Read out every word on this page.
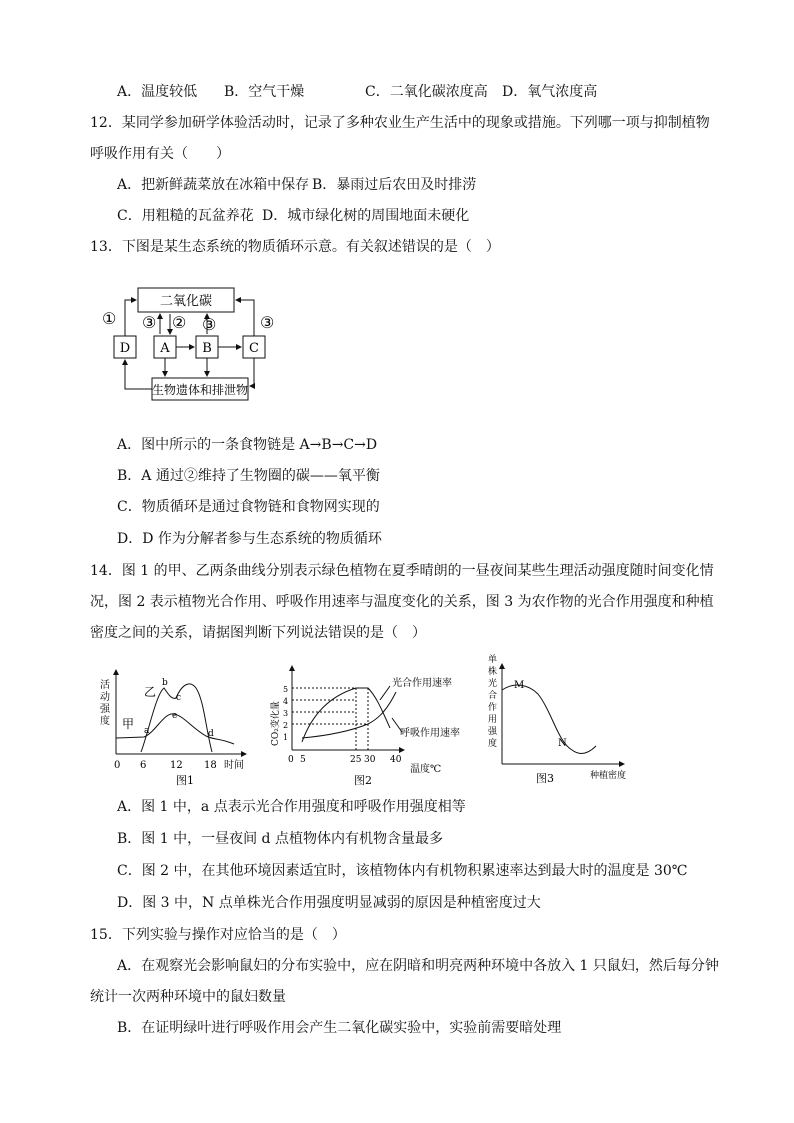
A．温度较低 B．空气干燥	C．二氧化碳浓度高 D．氧气浓度高
12．某同学参加研学体验活动时，记录了多种农业生产生活中的现象或措施。下列哪一项与抑制植物
呼吸作用有关（　　）
A．把新鲜蔬菜放在冰箱中保存 B．暴雨过后农田及时排涝
C．用粗糙的瓦盆养花 D．城市绿化树的周围地面未硬化
13．下图是某生态系统的物质循环示意。有关叙述错误的是（　）
二氧化碳
D A	B	C
生物遗体和排泄物
① ③ ② ③	③
A．图中所示的一条食物链是 A→B→C→D
B．A 通过②维持了生物圈的碳——氧平衡
C．物质循环是通过食物链和食物网实现的
D．D 作为分解者参与生态系统的物质循环
14．图 1 的甲、乙两条曲线分别表示绿色植物在夏季晴朗的一昼夜间某些生理活动强度随时间变化情
况，图 2 表示植物光合作用、呼吸作用速率与温度变化的关系，图 3 为农作物的光合作用强度和种植
密度之间的关系，请据图判断下列说法错误的是（　）
活
动
强
度 甲
乙
a
b
c
e
d
0 6 12 18 时间
图1
CO₂变化量
光合作用速率
呼吸作用速率
1
2
3
4
5
0 5	25 30 40
温度℃
图2
单
株
光
合
作
用
强
度
M
N
种植密度
图3
A．图 1 中，a 点表示光合作用强度和呼吸作用强度相等
B．图 1 中，一昼夜间 d 点植物体内有机物含量最多
C．图 2 中，在其他环境因素适宜时，该植物体内有机物积累速率达到最大时的温度是 30℃
D．图 3 中，N 点单株光合作用强度明显减弱的原因是种植密度过大
15．下列实验与操作对应恰当的是（　）
A．在观察光会影响鼠妇的分布实验中，应在阴暗和明亮两种环境中各放入 1 只鼠妇，然后每分钟
统计一次两种环境中的鼠妇数量
B．在证明绿叶进行呼吸作用会产生二氧化碳实验中，实验前需要暗处理
